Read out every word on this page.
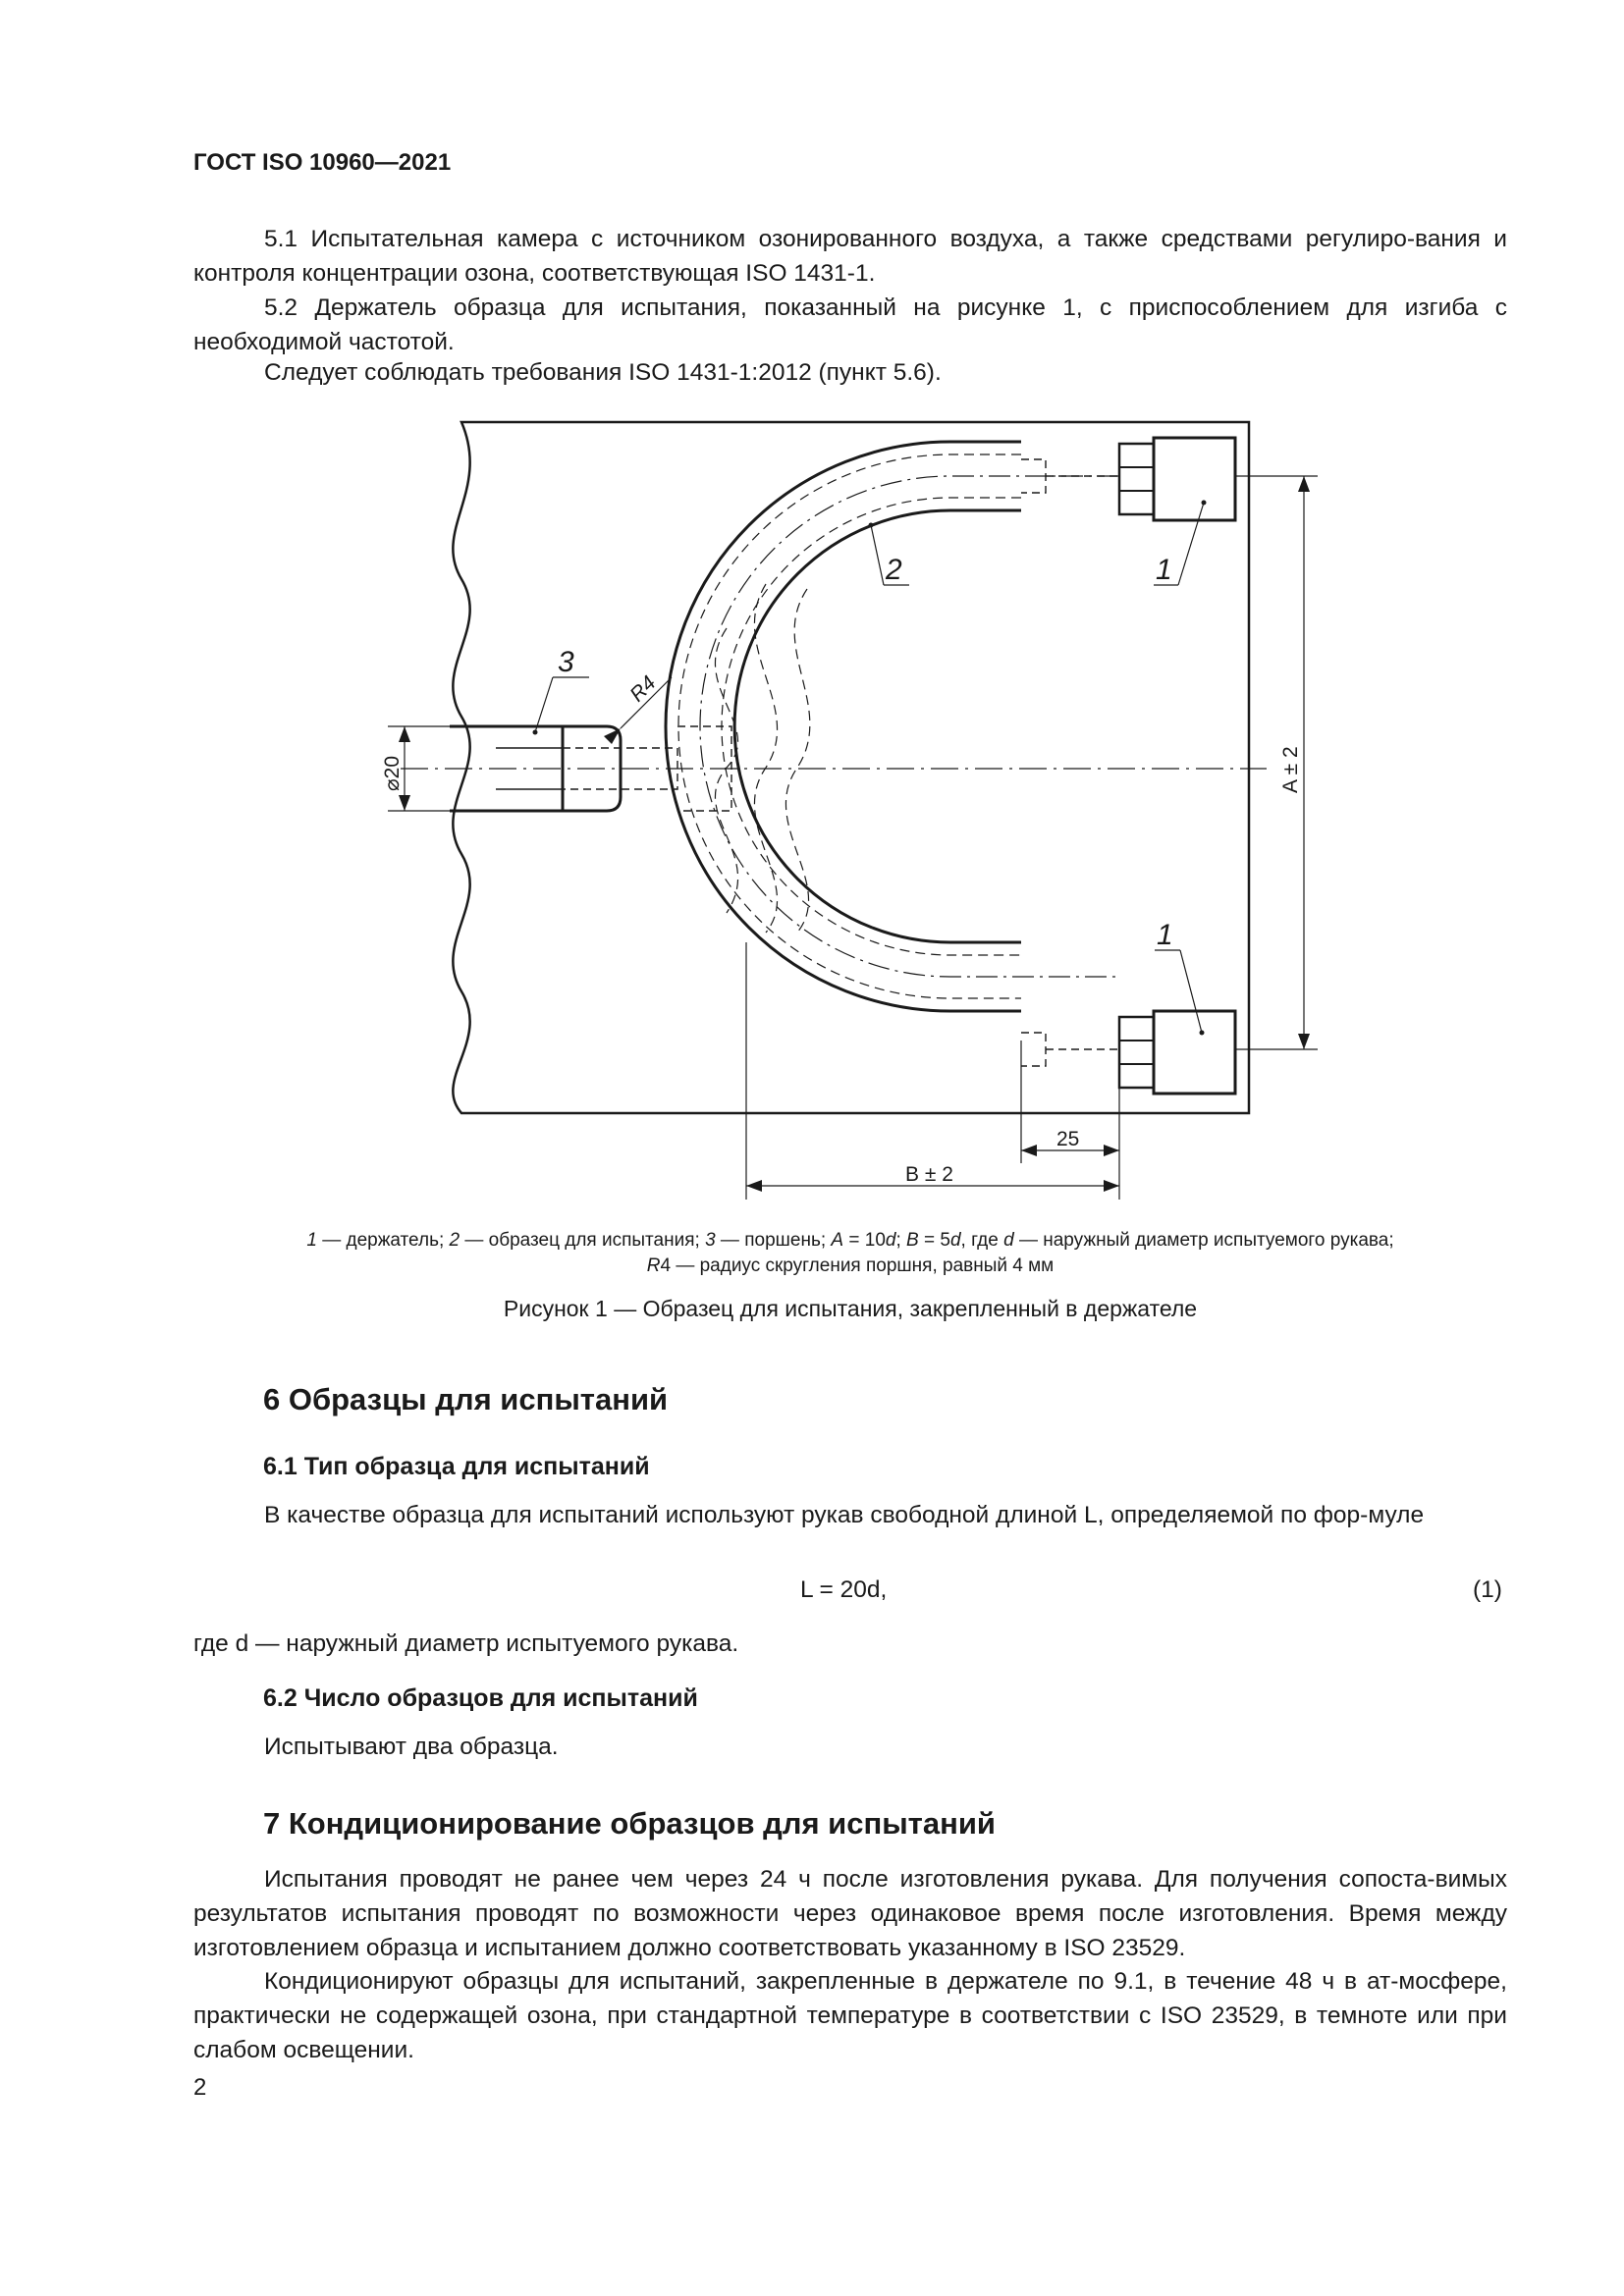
ГОСТ ISO 10960—2021
5.1 Испытательная камера с источником озонированного воздуха, а также средствами регулиро-вания и контроля концентрации озона, соответствующая ISO 1431-1.
5.2 Держатель образца для испытания, показанный на рисунке 1, с приспособлением для изгиба с необходимой частотой.
Следует соблюдать требования ISO 1431-1:2012 (пункт 5.6).
3
2	1
1
R4
⌀20	A ± 2
B ± 2
25
1 — держатель; 2 — образец для испытания; 3 — поршень; A = 10d; B = 5d, где d — наружный диаметр испытуемого рукава;
R4 — радиус скругления поршня, равный 4 мм
Рисунок 1 — Образец для испытания, закрепленный в держателе
6 Образцы для испытаний
6.1 Тип образца для испытаний
В качестве образца для испытаний используют рукав свободной длиной L, определяемой по фор-муле
L = 20d,	(1)
где d — наружный диаметр испытуемого рукава.
6.2 Число образцов для испытаний
Испытывают два образца.
7 Кондиционирование образцов для испытаний
Испытания проводят не ранее чем через 24 ч после изготовления рукава. Для получения сопоста-вимых результатов испытания проводят по возможности через одинаковое время после изготовления. Время между изготовлением образца и испытанием должно соответствовать указанному в ISO 23529.
Кондиционируют образцы для испытаний, закрепленные в держателе по 9.1, в течение 48 ч в ат-мосфере, практически не содержащей озона, при стандартной температуре в соответствии с ISO 23529, в темноте или при слабом освещении.
2
